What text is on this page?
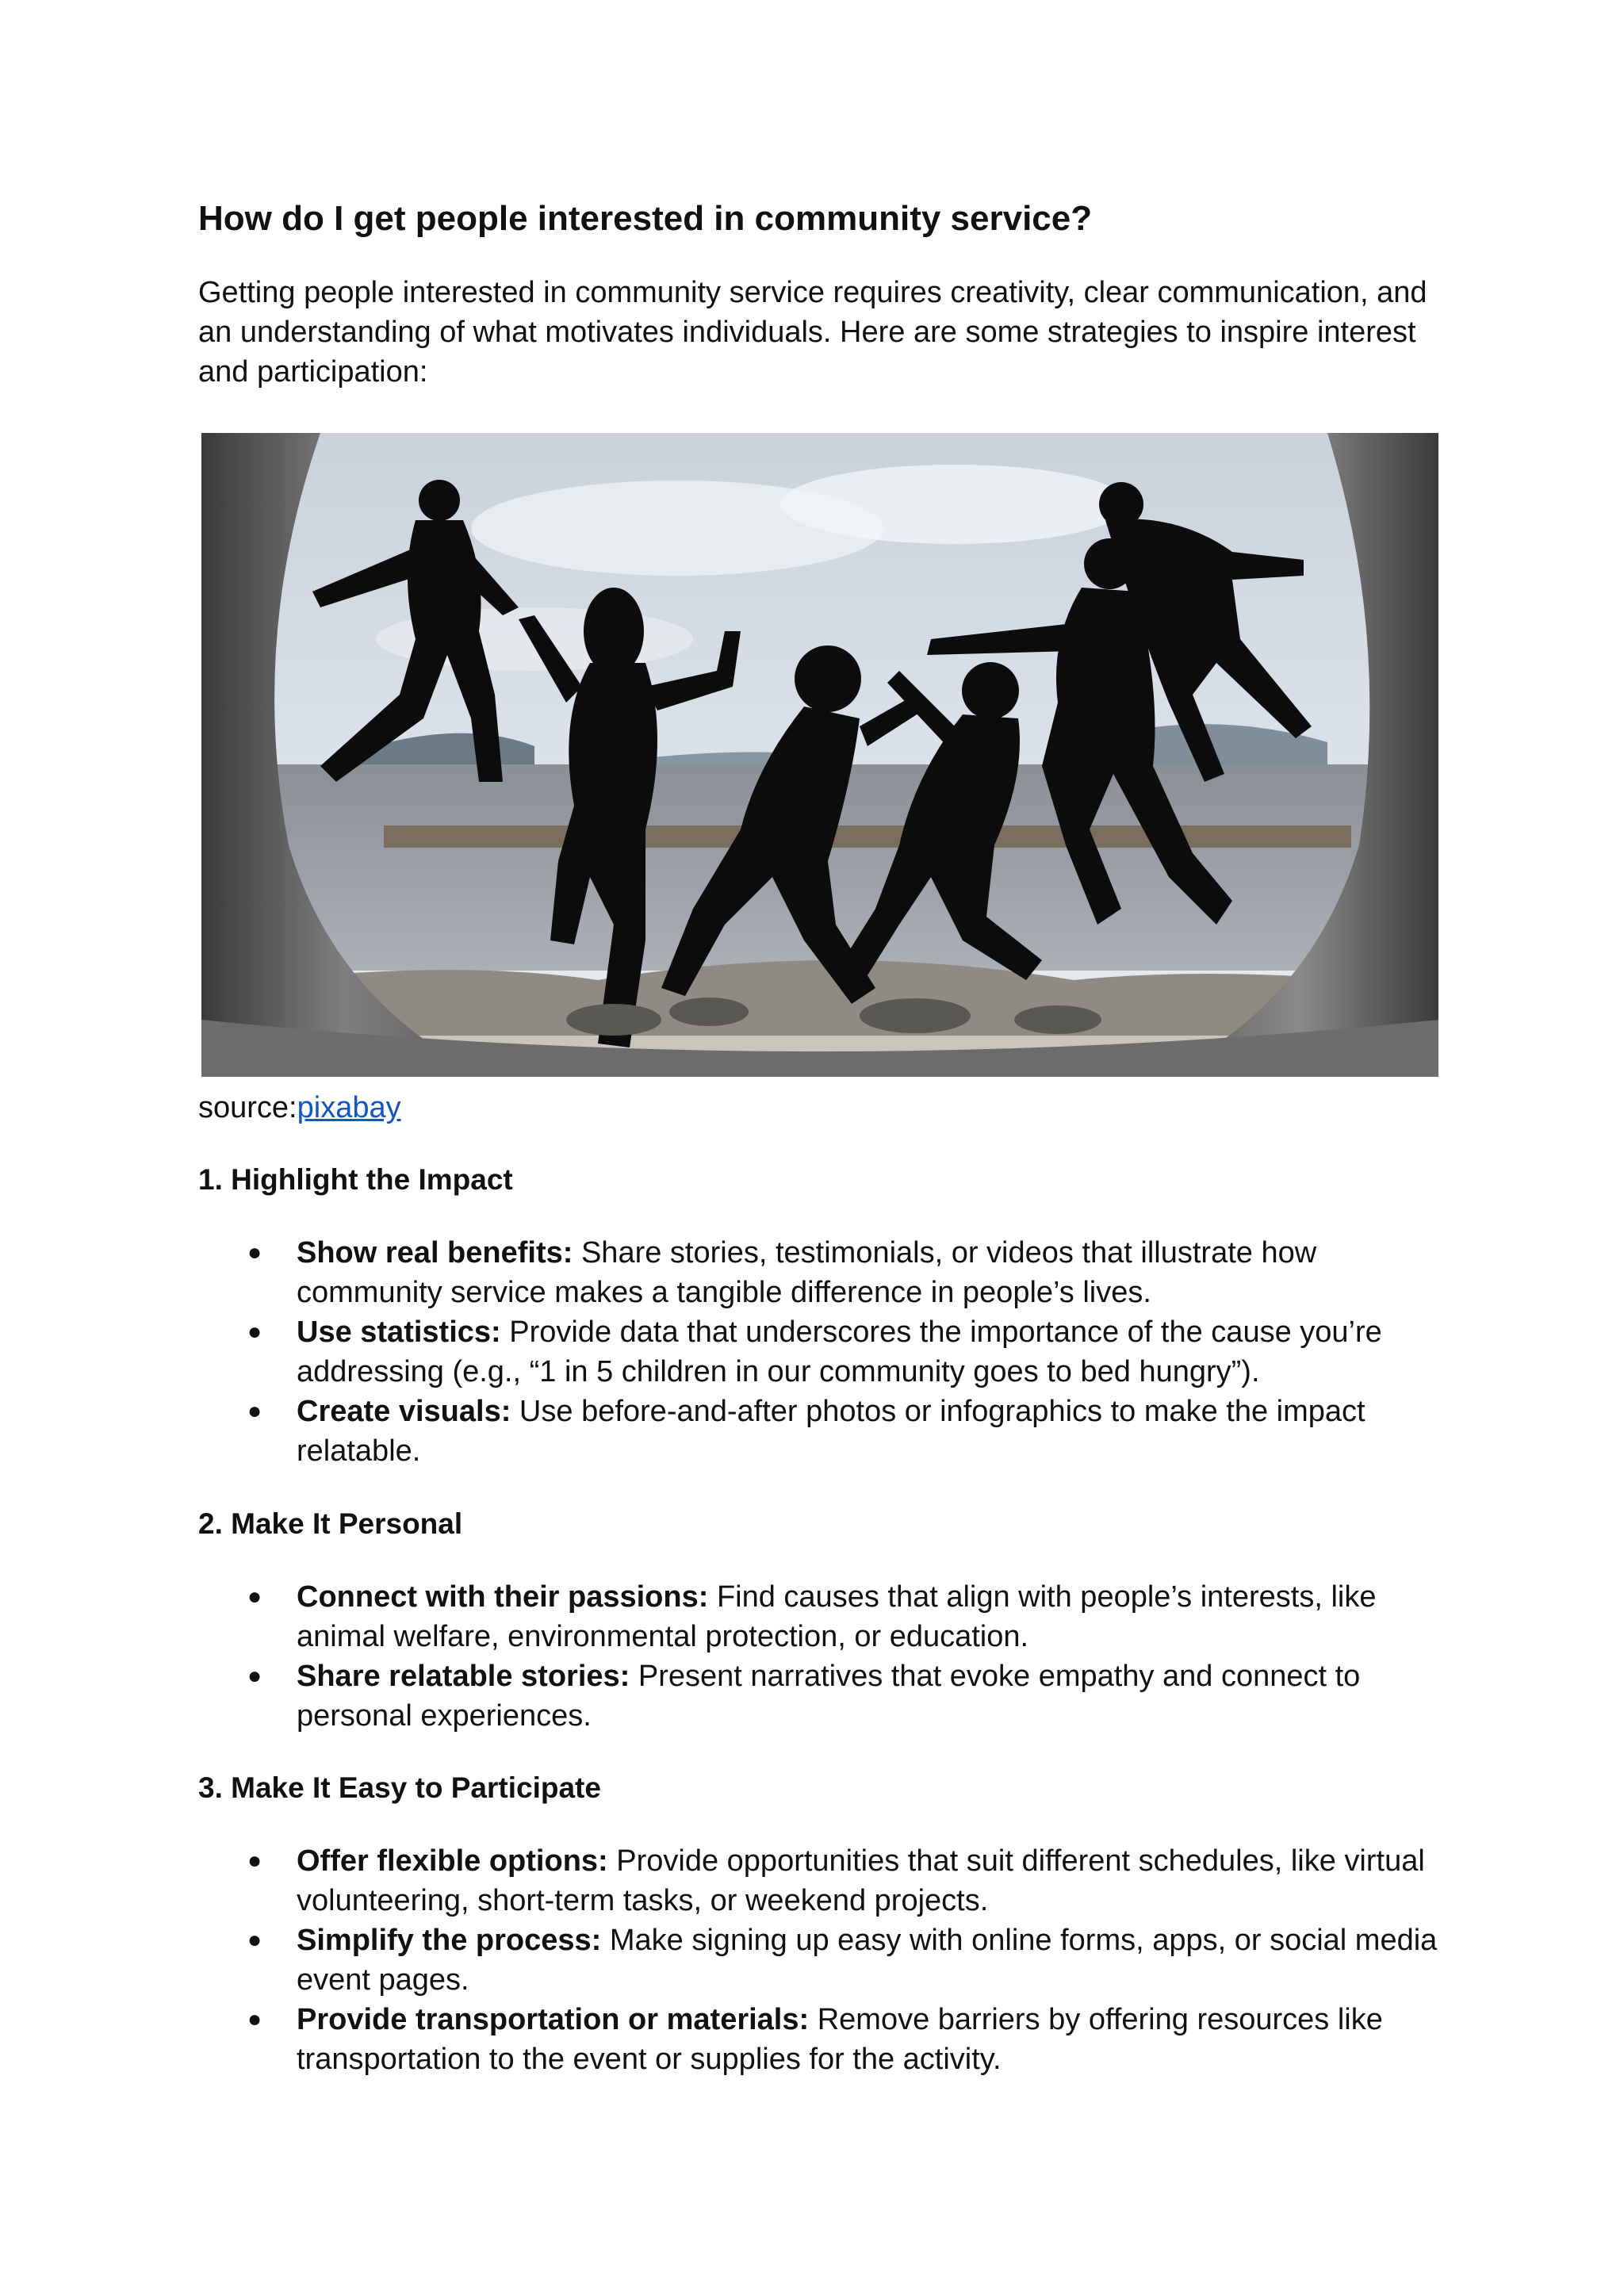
How do I get people interested in community service?

Getting people interested in community service requires creativity, clear communication, and an understanding of what motivates individuals. Here are some strategies to inspire interest and participation:

source:pixabay
1. Highlight the Impact
● Show real benefits: Share stories, testimonials, or videos that illustrate how community service makes a tangible difference in people’s lives.
● Use statistics: Provide data that underscores the importance of the cause you’re addressing (e.g., “1 in 5 children in our community goes to bed hungry”).
● Create visuals: Use before-and-after photos or infographics to make the impact relatable.
2. Make It Personal
● Connect with their passions: Find causes that align with people’s interests, like animal welfare, environmental protection, or education.
● Share relatable stories: Present narratives that evoke empathy and connect to personal experiences.
3. Make It Easy to Participate
● Offer flexible options: Provide opportunities that suit different schedules, like virtual volunteering, short-term tasks, or weekend projects.
● Simplify the process: Make signing up easy with online forms, apps, or social media event pages.
● Provide transportation or materials: Remove barriers by offering resources like transportation to the event or supplies for the activity.
